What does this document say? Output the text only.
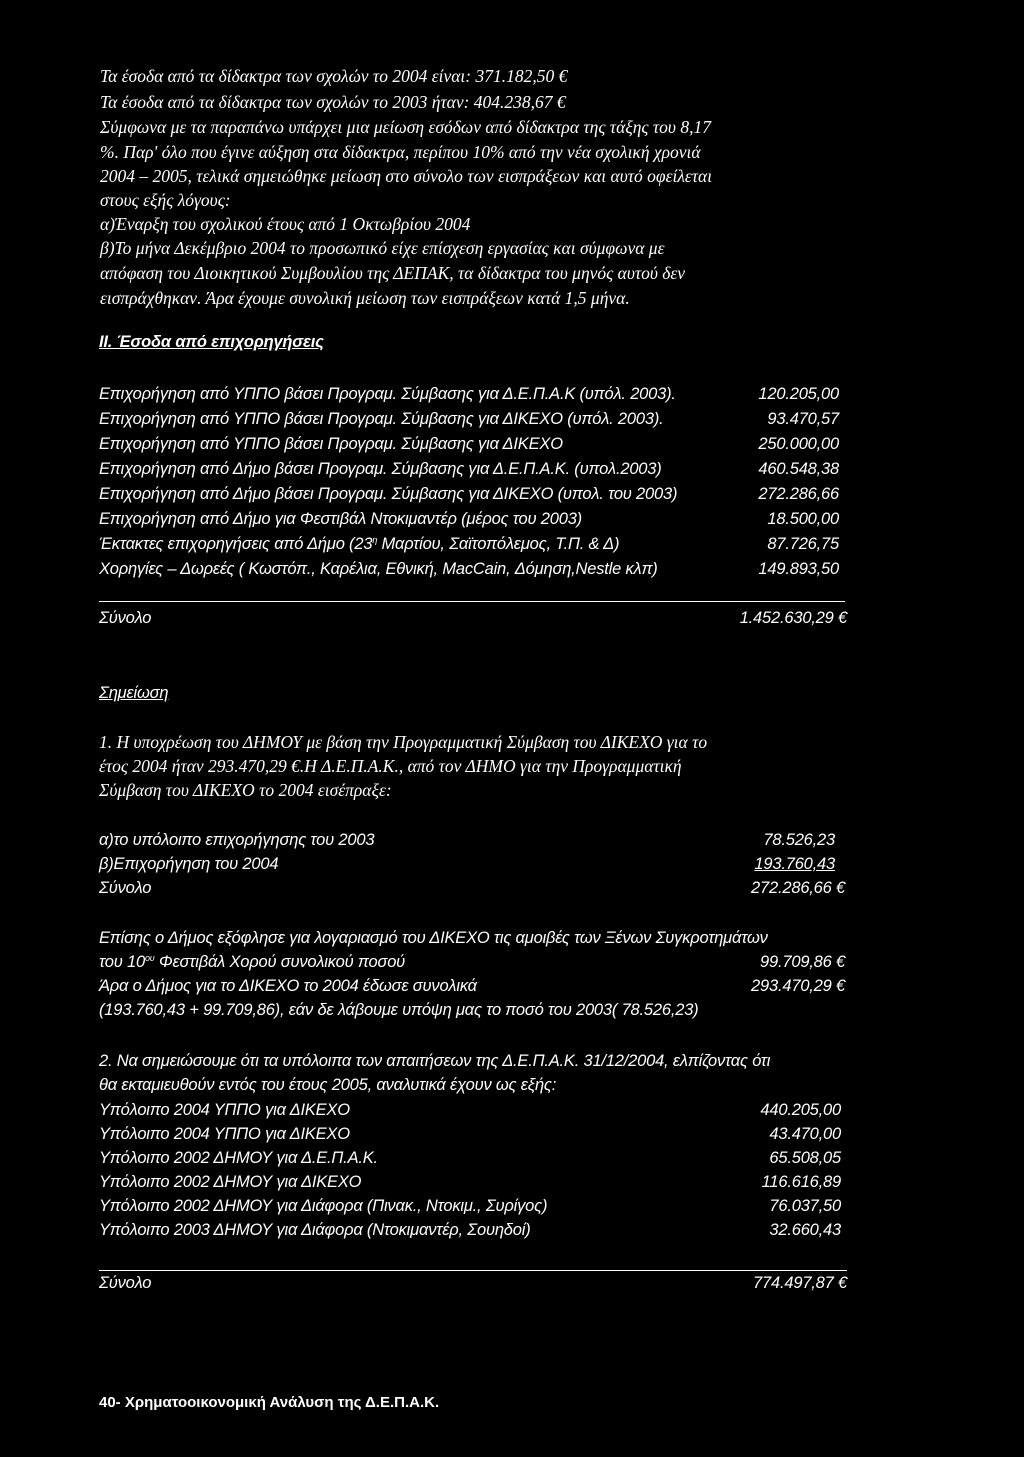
Τα έσοδα από τα δίδακτρα των σχολών το 2004 είναι: 371.182,50 €
Τα έσοδα από τα δίδακτρα των σχολών το 2003 ήταν: 404.238,67 €
Σύμφωνα με τα παραπάνω υπάρχει μια μείωση εσόδων από δίδακτρα της τάξης του 8,17
%. Παρ' όλο που έγινε αύξηση στα δίδακτρα, περίπου 10% από την νέα σχολική χρονιά
2004 – 2005, τελικά σημειώθηκε μείωση στο σύνολο των εισπράξεων και αυτό οφείλεται
στους εξής λόγους:
α)Έναρξη του σχολικού έτους από 1 Οκτωβρίου 2004
β)Το μήνα Δεκέμβριο 2004 το προσωπικό είχε επίσχεση εργασίας και σύμφωνα με
απόφαση του Διοικητικού Συμβουλίου της ΔΕΠΑΚ, τα δίδακτρα του μηνός αυτού δεν
εισπράχθηκαν. Άρα έχουμε συνολική μείωση των εισπράξεων κατά 1,5 μήνα.
ΙΙ. Έσοδα από επιχορηγήσεις
Επιχορήγηση από ΥΠΠΟ βάσει Προγραμ. Σύμβασης για Δ.Ε.Π.Α.Κ (υπόλ. 2003).	120.205,00
Επιχορήγηση από ΥΠΠΟ βάσει Προγραμ. Σύμβασης για ΔΙΚΕΧΟ (υπόλ. 2003).	93.470,57
Επιχορήγηση από ΥΠΠΟ βάσει Προγραμ. Σύμβασης για ΔΙΚΕΧΟ	250.000,00
Επιχορήγηση από Δήμο βάσει Προγραμ. Σύμβασης για Δ.Ε.Π.Α.Κ. (υπολ.2003)	460.548,38
Επιχορήγηση από Δήμο βάσει Προγραμ. Σύμβασης για ΔΙΚΕΧΟ (υπολ. του 2003)	272.286,66
Επιχορήγηση από Δήμο για Φεστιβάλ Ντοκιμαντέρ (μέρος του 2003)	18.500,00
Έκτακτες επιχορηγήσεις από Δήμο ($23^\eta$ Μαρτίου, Σαϊτοπόλεμος, Τ.Π. & Δ)	87.726,75
Χορηγίες – Δωρεές ( Κωστόπ., Καρέλια, Εθνική, MacCain, Δόμηση,Nestle κλπ)	149.893,50
Σύνολο	1.452.630,29 €
Σημείωση
1. Η υποχρέωση του ΔΗΜΟΥ με βάση την Προγραμματική Σύμβαση του ΔΙΚΕΧΟ για το
έτος 2004 ήταν 293.470,29 €.Η Δ.Ε.Π.Α.Κ., από τον ΔΗΜΟ για την Προγραμματική
Σύμβαση του ΔΙΚΕΧΟ το 2004 εισέπραξε:
α)το υπόλοιπο επιχορήγησης του 2003	78.526,23
β)Επιχορήγηση του 2004	193.760,43
Σύνολο	272.286,66 €
Επίσης ο Δήμος εξόφλησε για λογαριασμό του ΔΙΚΕΧΟ τις αμοιβές των Ξένων Συγκροτημάτων
του $10^{o\upsilon}$ Φεστιβάλ Χορού συνολικού ποσού	99.709,86 €
Άρα ο Δήμος για το ΔΙΚΕΧΟ το 2004 έδωσε συνολικά	293.470,29 €
(193.760,43 + 99.709,86), εάν δε λάβουμε υπόψη μας το ποσό του 2003( 78.526,23)
2. Να σημειώσουμε ότι τα υπόλοιπα των απαιτήσεων της Δ.Ε.Π.Α.Κ. 31/12/2004, ελπίζοντας ότι
θα εκταμιευθούν εντός του έτους 2005, αναλυτικά έχουν ως εξής:
Υπόλοιπο 2004 ΥΠΠΟ για ΔΙΚΕΧΟ	440.205,00
Υπόλοιπο 2004 ΥΠΠΟ για ΔΙΚΕΧΟ	43.470,00
Υπόλοιπο 2002 ΔΗΜΟΥ για Δ.Ε.Π.Α.Κ.	65.508,05
Υπόλοιπο 2002 ΔΗΜΟΥ για ΔΙΚΕΧΟ	116.616,89
Υπόλοιπο 2002 ΔΗΜΟΥ για Διάφορα (Πινακ., Ντοκιμ., Συρίγος)	76.037,50
Υπόλοιπο 2003 ΔΗΜΟΥ για Διάφορα (Ντοκιμαντέρ, Σουηδοί)	32.660,43
Σύνολο	774.497,87 €
40- Χρηματοοικονομική Ανάλυση της Δ.Ε.Π.Α.Κ.
